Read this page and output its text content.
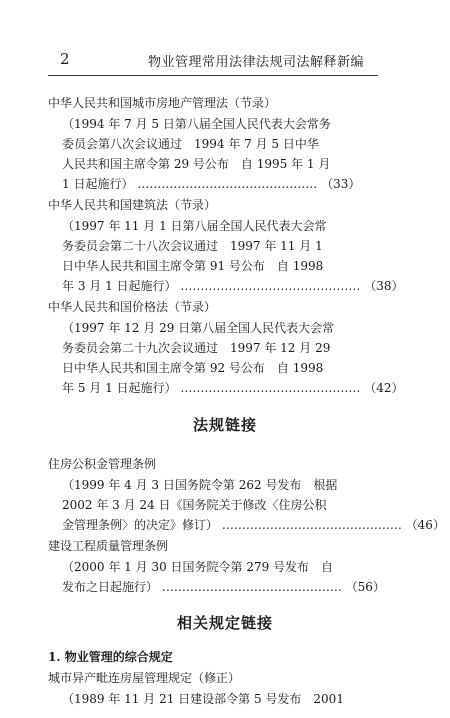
2	物业管理常用法律法规司法解释新编
中华人民共和国城市房地产管理法（节录）
（1994 年 7 月 5 日第八届全国人民代表大会常务
委员会第八次会议通过　1994 年 7 月 5 日中华
人民共和国主席令第 29 号公布　自 1995 年 1 月
1 日起施行） ……………………………………… （33）
中华人民共和国建筑法（节录）
（1997 年 11 月 1 日第八届全国人民代表大会常
务委员会第二十八次会议通过　1997 年 11 月 1
日中华人民共和国主席令第 91 号公布　自 1998
年 3 月 1 日起施行） ……………………………………… （38）
中华人民共和国价格法（节录）
（1997 年 12 月 29 日第八届全国人民代表大会常
务委员会第二十九次会议通过　1997 年 12 月 29
日中华人民共和国主席令第 92 号公布　自 1998
年 5 月 1 日起施行） ……………………………………… （42）
法规链接
住房公积金管理条例
（1999 年 4 月 3 日国务院令第 262 号发布　根据
2002 年 3 月 24 日《国务院关于修改〈住房公积
金管理条例〉的决定》修订） ……………………………………… （46）
建设工程质量管理条例
（2000 年 1 月 30 日国务院令第 279 号发布　自
发布之日起施行） ……………………………………… （56）
相关规定链接
1. 物业管理的综合规定
城市异产毗连房屋管理规定（修正）
（1989 年 11 月 21 日建设部令第 5 号发布　2001
